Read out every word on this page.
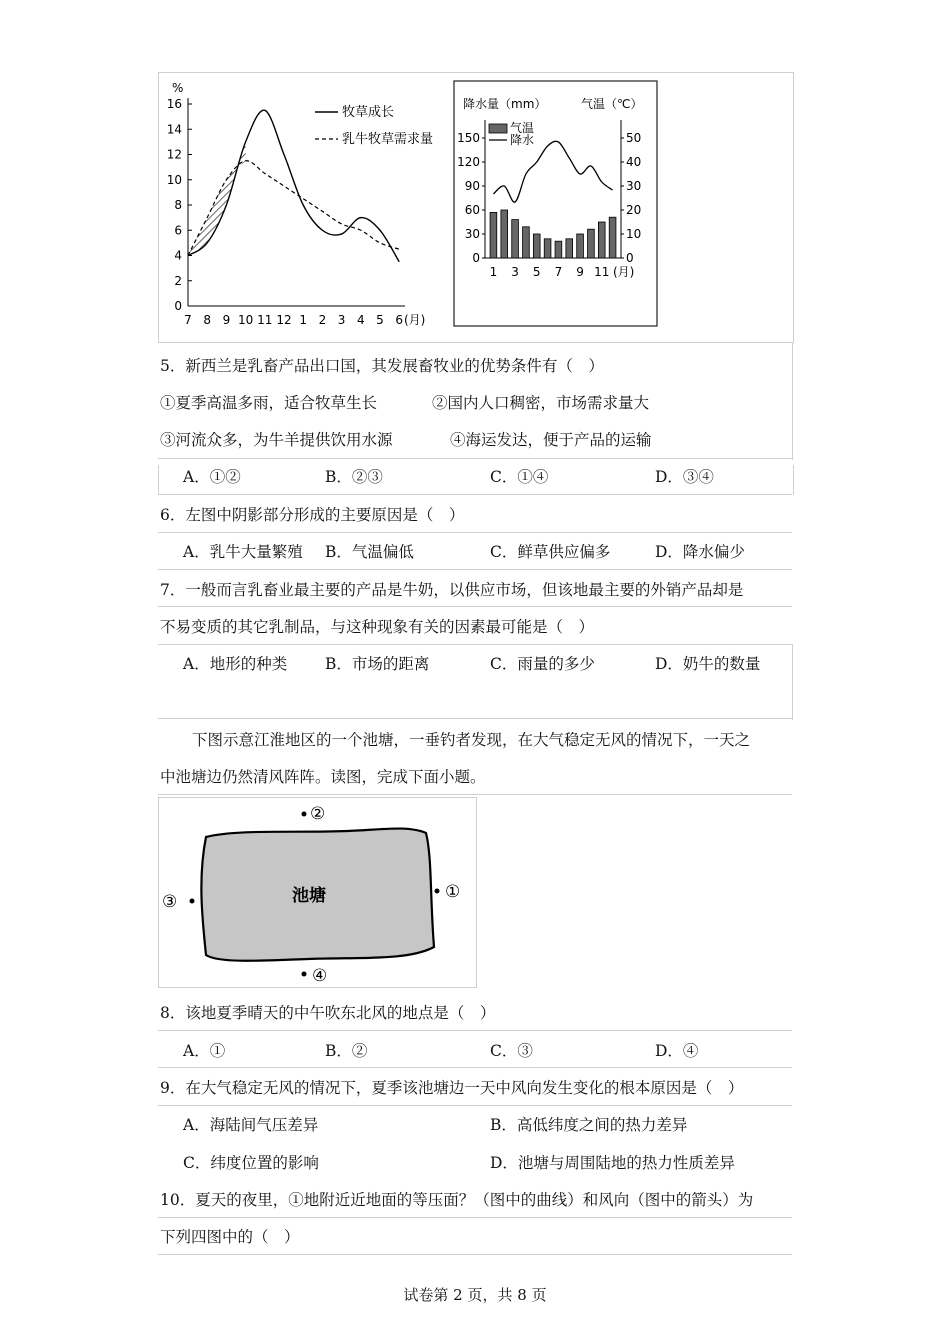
%
0
2
4
6
8
10
12
14
16
7 8 9 10 11 12 1 2 3 4 5 6 (月)
牧草成长
乳牛牧草需求量
降水量（mm）	气温（℃）
0
30
60
90
120
150
0
10
20
30
40
50
1 3 5 7 9 11 (月)
气温
降水
5．新西兰是乳畜产品出口国，其发展畜牧业的优势条件有（　）
①夏季高温多雨，适合牧草生长	②国内人口稠密，市场需求量大
③河流众多，为牛羊提供饮用水源	④海运发达，便于产品的运输
A．①②	B．②③	C．①④	D．③④
6．左图中阴影部分形成的主要原因是（　）
A．乳牛大量繁殖 B．气温偏低	C．鲜草供应偏多	D．降水偏少
7．一般而言乳畜业最主要的产品是牛奶，以供应市场，但该地最主要的外销产品却是
不易变质的其它乳制品，与这种现象有关的因素最可能是（　）
A．地形的种类 B．市场的距离	C．雨量的多少	D．奶牛的数量
下图示意江淮地区的一个池塘，一垂钓者发现，在大气稳定无风的情况下，一天之
中池塘边仍然清风阵阵。读图，完成下面小题。
池塘
②
①
③
④
8．该地夏季晴天的中午吹东北风的地点是（　）
A．①	B．②	C．③	D．④
9．在大气稳定无风的情况下，夏季该池塘边一天中风向发生变化的根本原因是（　）
A．海陆间气压差异	B．高低纬度之间的热力差异
C．纬度位置的影响	D．池塘与周围陆地的热力性质差异
10．夏天的夜里，①地附近近地面的等压面？（图中的曲线）和风向（图中的箭头）为
下列四图中的（　）
试卷第 2 页，共 8 页
